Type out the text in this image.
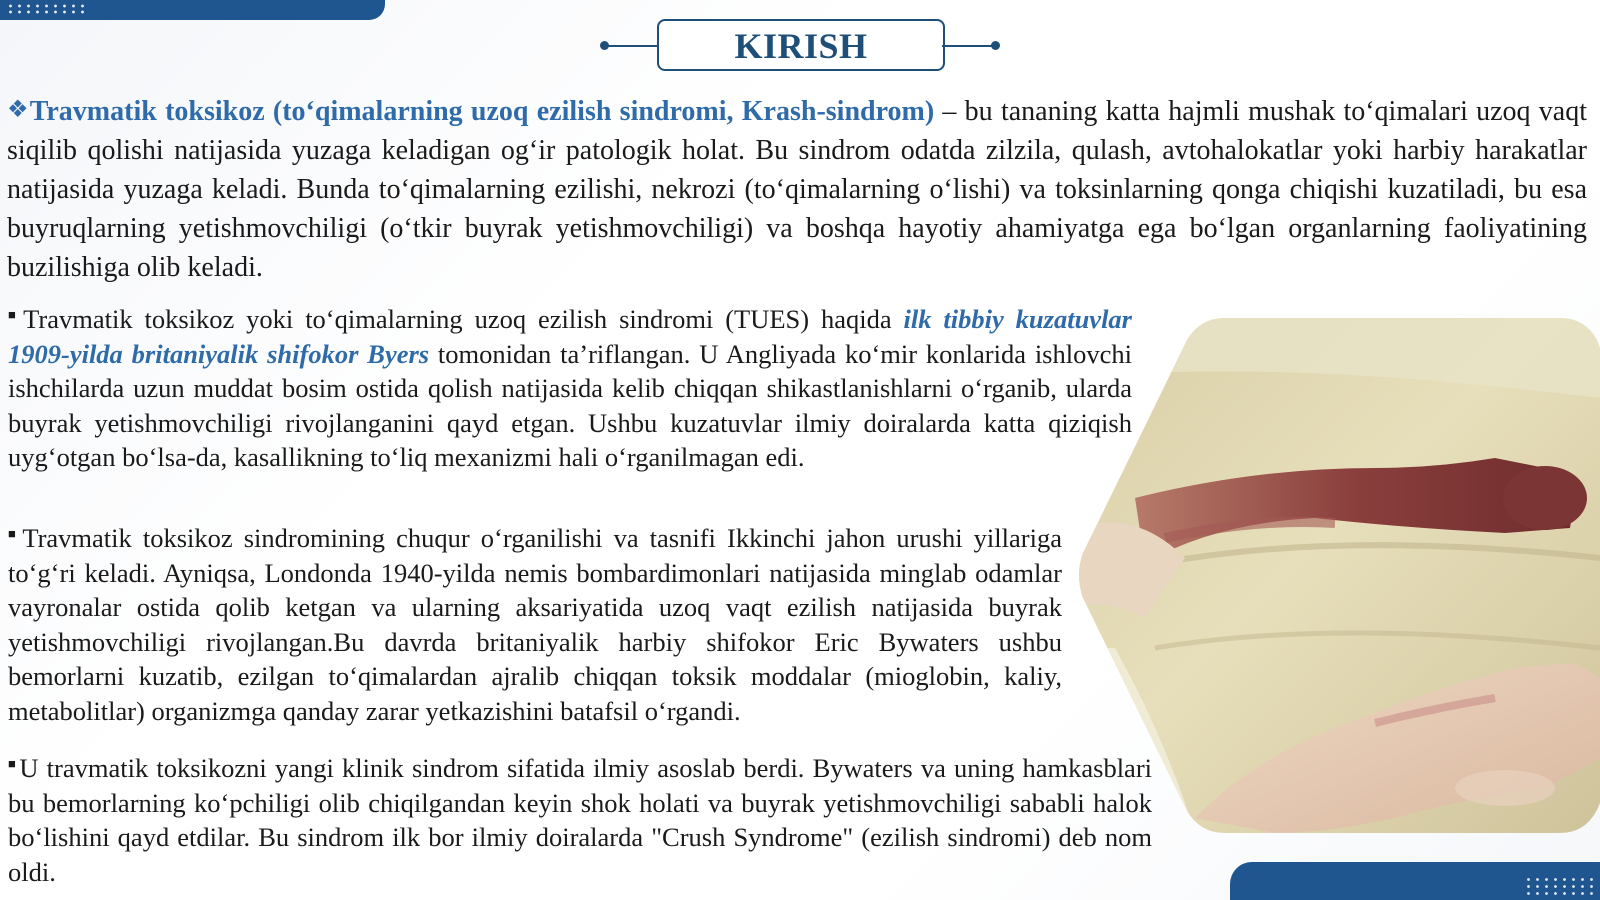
KIRISH

❖Travmatik toksikoz (to‘qimalarning uzoq ezilish sindromi, Krash-sindrom) – bu tananing katta hajmli mushak to‘qimalari uzoq vaqt siqilib qolishi natijasida yuzaga keladigan og‘ir patologik holat. Bu sindrom odatda zilzila, qulash, avtohalokatlar yoki harbiy harakatlar natijasida yuzaga keladi. Bunda to‘qimalarning ezilishi, nekrozi (to‘qimalarning o‘lishi) va toksinlarning qonga chiqishi kuzatiladi, bu esa buyruqlarning yetishmovchiligi (o‘tkir buyrak yetishmovchiligi) va boshqa hayotiy ahamiyatga ega bo‘lgan organlarning faoliyatining buzilishiga olib keladi.

■Travmatik toksikoz yoki to‘qimalarning uzoq ezilish sindromi (TUES) haqida ilk tibbiy kuzatuvlar 1909-yilda britaniyalik shifokor Byers tomonidan ta’riflangan. U Angliyada ko‘mir konlarida ishlovchi ishchilarda uzun muddat bosim ostida qolish natijasida kelib chiqqan shikastlanishlarni o‘rganib, ularda buyrak yetishmovchiligi rivojlanganini qayd etgan. Ushbu kuzatuvlar ilmiy doiralarda katta qiziqish uyg‘otgan bo‘lsa-da, kasallikning to‘liq mexanizmi hali o‘rganilmagan edi.

■Travmatik toksikoz sindromining chuqur o‘rganilishi va tasnifi Ikkinchi jahon urushi yillariga to‘g‘ri keladi. Ayniqsa, Londonda 1940-yilda nemis bombardimonlari natijasida minglab odamlar vayronalar ostida qolib ketgan va ularning aksariyatida uzoq vaqt ezilish natijasida buyrak yetishmovchiligi rivojlangan.Bu davrda britaniyalik harbiy shifokor Eric Bywaters ushbu bemorlarni kuzatib, ezilgan to‘qimalardan ajralib chiqqan toksik moddalar (mioglobin, kaliy, metabolitlar) organizmga qanday zarar yetkazishini batafsil o‘rgandi.

■U travmatik toksikozni yangi klinik sindrom sifatida ilmiy asoslab berdi. Bywaters va uning hamkasblari bu bemorlarning ko‘pchiligi olib chiqilgandan keyin shok holati va buyrak yetishmovchiligi sababli halok bo‘lishini qayd etdilar. Bu sindrom ilk bor ilmiy doiralarda "Crush Syndrome" (ezilish sindromi) deb nom oldi.
